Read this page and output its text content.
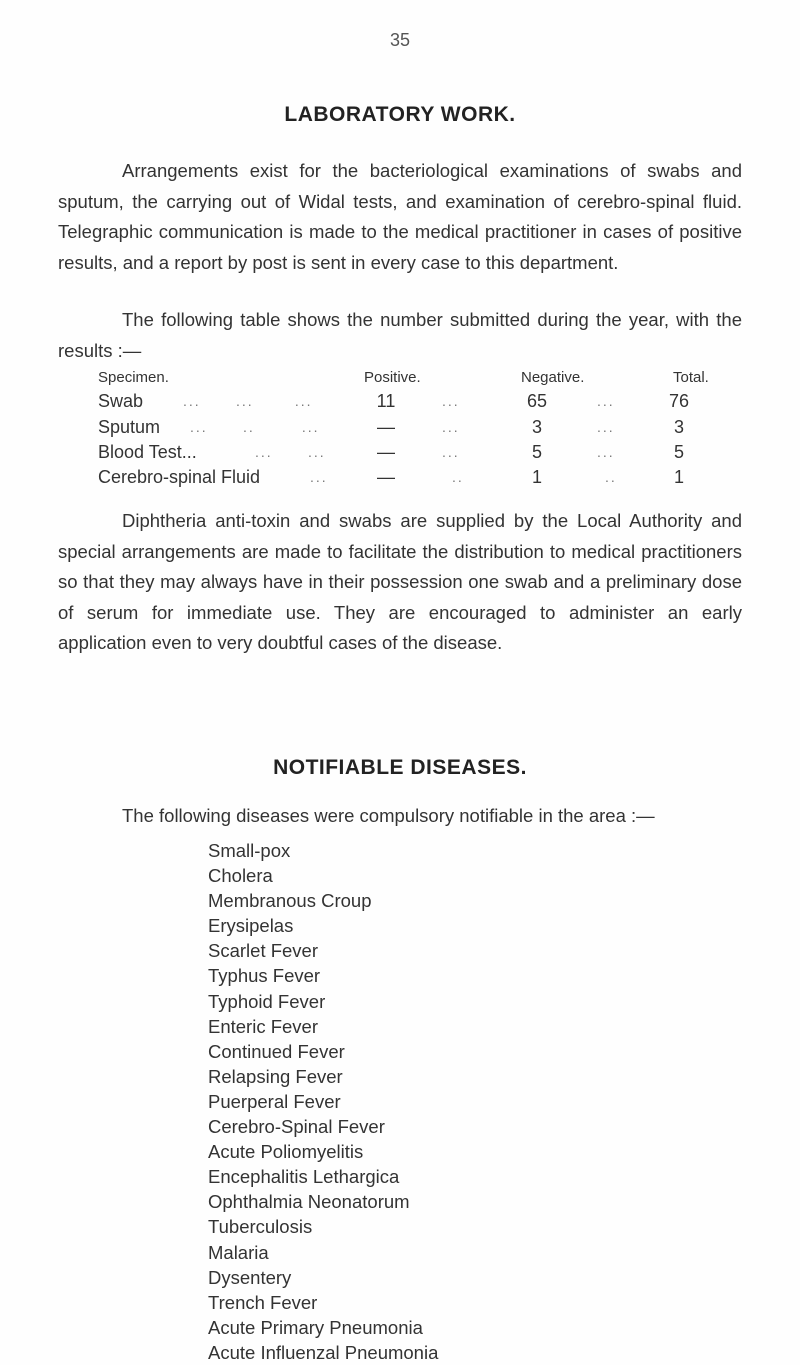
35
LABORATORY WORK.

Arrangements exist for the bacteriological examinations of swabs and sputum, the carrying out of Widal tests, and examination of cerebro-spinal fluid. Telegraphic communication is made to the medical practitioner in cases of positive results, and a report by post is sent in every case to this department.

The following table shows the number submitted during the year, with the results :—

Specimen.	Positive.	Negative.	Total.
Swab	...      ...       ...	11	...	65	...	76
Sputum ...      ..        ...	—	...	3	...	3
Blood Test...	...      ...	—	...	5	...	5
Cerebro-spinal Fluid	...	—	..	1	..	1

Diphtheria anti-toxin and swabs are supplied by the Local Authority and special arrangements are made to facilitate the distribution to medical practitioners so that they may always have in their possession one swab and a preliminary dose of serum for immediate use. They are encouraged to administer an early application even to very doubtful cases of the disease.

NOTIFIABLE DISEASES.
The following diseases were compulsory notifiable in the area :—
Small-pox
Cholera
Membranous Croup
Erysipelas
Scarlet Fever
Typhus Fever
Typhoid Fever
Enteric Fever
Continued Fever
Relapsing Fever
Puerperal Fever
Cerebro-Spinal Fever
Acute Poliomyelitis
Encephalitis Lethargica
Ophthalmia Neonatorum
Tuberculosis
Malaria
Dysentery
Trench Fever
Acute Primary Pneumonia
Acute Influenzal Pneumonia
